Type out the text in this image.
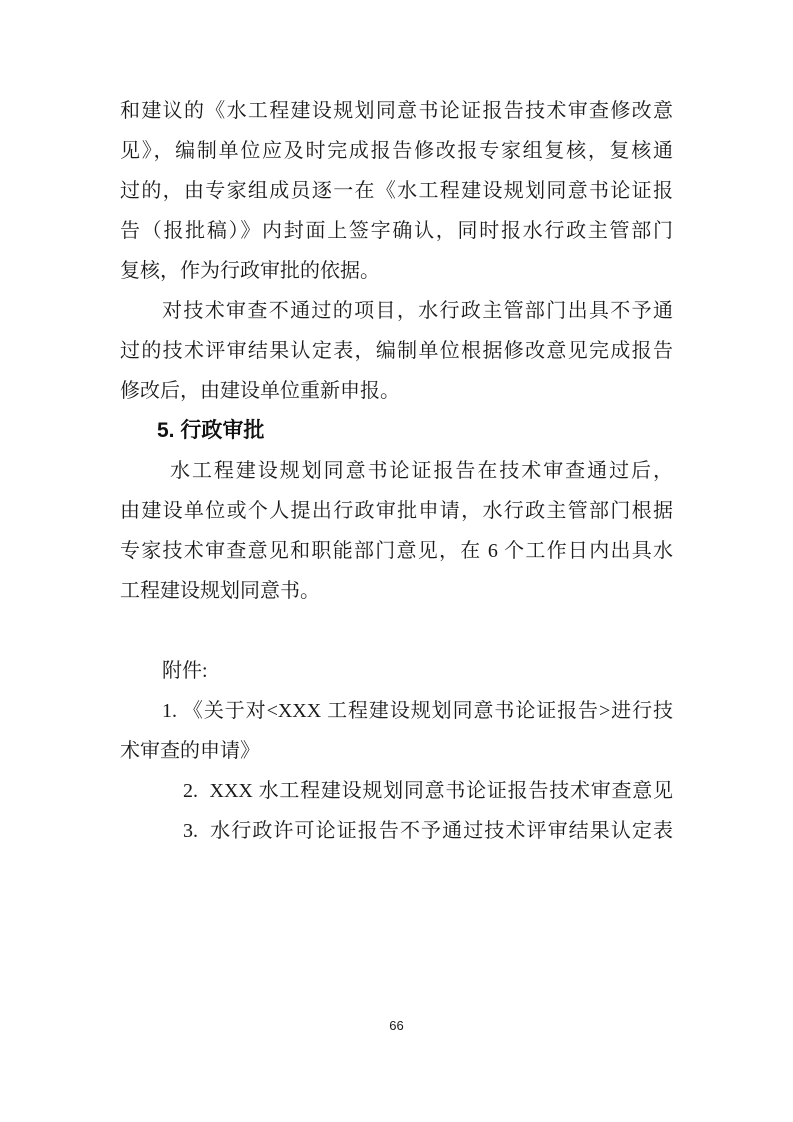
和建议的《水工程建设规划同意书论证报告技术审查修改意
见》，编制单位应及时完成报告修改报专家组复核，复核通
过的，由专家组成员逐一在《水工程建设规划同意书论证报
告（报批稿）》内封面上签字确认，同时报水行政主管部门
复核，作为行政审批的依据。
对技术审查不通过的项目，水行政主管部门出具不予通
过的技术评审结果认定表，编制单位根据修改意见完成报告
修改后，由建设单位重新申报。
5. 行政审批
水工程建设规划同意书论证报告在技术审查通过后，
由建设单位或个人提出行政审批申请，水行政主管部门根据
专家技术审查意见和职能部门意见，在 6 个工作日内出具水
工程建设规划同意书。
附件:
1. 《关于对<XXX 工程建设规划同意书论证报告>进行技
术审查的申请》
2.  XXX 水工程建设规划同意书论证报告技术审查意见
3.  水行政许可论证报告不予通过技术评审结果认定表
66
